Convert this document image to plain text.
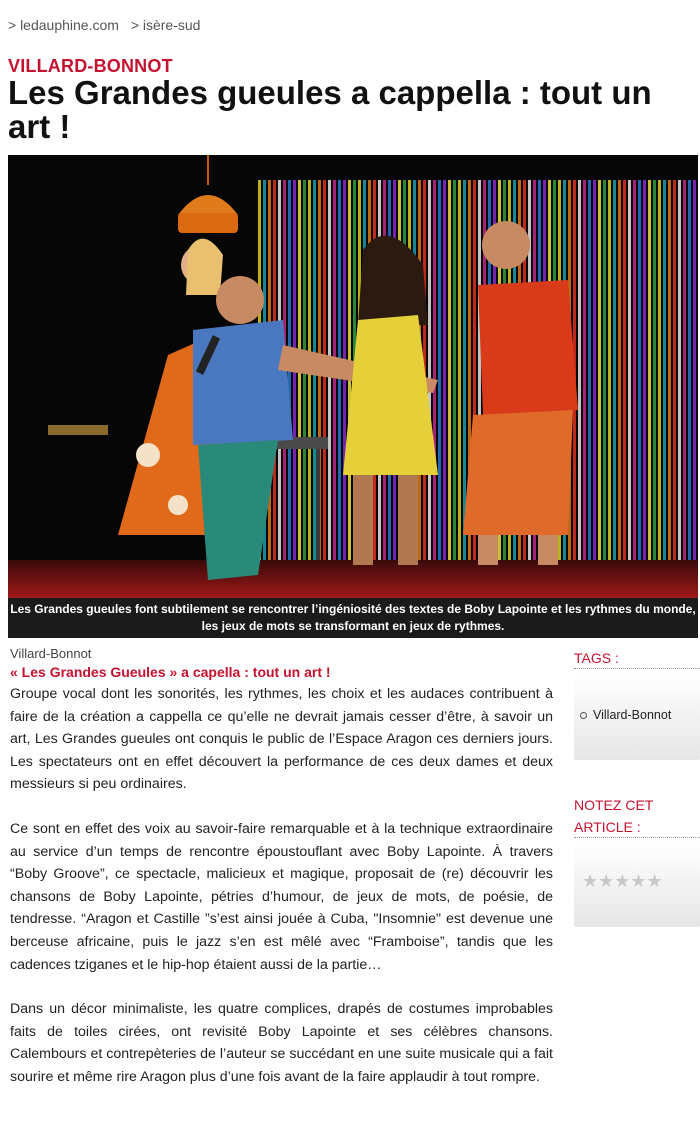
> ledauphine.com > isère-sud
VILLARD-BONNOT
Les Grandes gueules a cappella : tout un art !
Les Grandes gueules font subtilement se rencontrer l’ingéniosité des textes de Boby Lapointe et les rythmes du monde, les jeux de mots se transformant en jeux de rythmes.
Villard-Bonnot
« Les Grandes Gueules » a capella : tout un art !

Groupe vocal dont les sonorités, les rythmes, les choix et les audaces contribuent à faire de la création a cappella ce qu’elle ne devrait jamais cesser d’être, à savoir un art, Les Grandes gueules ont conquis le public de l’Espace Aragon ces derniers jours. Les spectateurs ont en effet découvert la performance de ces deux dames et deux messieurs si peu ordinaires.

Ce sont en effet des voix au savoir-faire remarquable et à la technique extraordinaire au service d’un temps de rencontre époustouflant avec Boby Lapointe. À travers “Boby Groove”, ce spectacle, malicieux et magique, proposait de (re) découvrir les chansons de Boby Lapointe, pétries d’humour, de jeux de mots, de poésie, de tendresse. “Aragon et Castille ”s’est ainsi jouée à Cuba, "Insomnie" est devenue une berceuse africaine, puis le jazz s’en est mêlé avec “Framboise”, tandis que les cadences tziganes et le hip-hop étaient aussi de la partie…

Dans un décor minimaliste, les quatre complices, drapés de costumes improbables faits de toiles cirées, ont revisité Boby Lapointe et ses célèbres chansons. Calembours et contrepèteries de l’auteur se succédant en une suite musicale qui a fait sourire et même rire Aragon plus d’une fois avant de la faire applaudir à tout rompre.

TAGS :
Villard-Bonnot
NOTEZ CET
ARTICLE :
★★★★★
